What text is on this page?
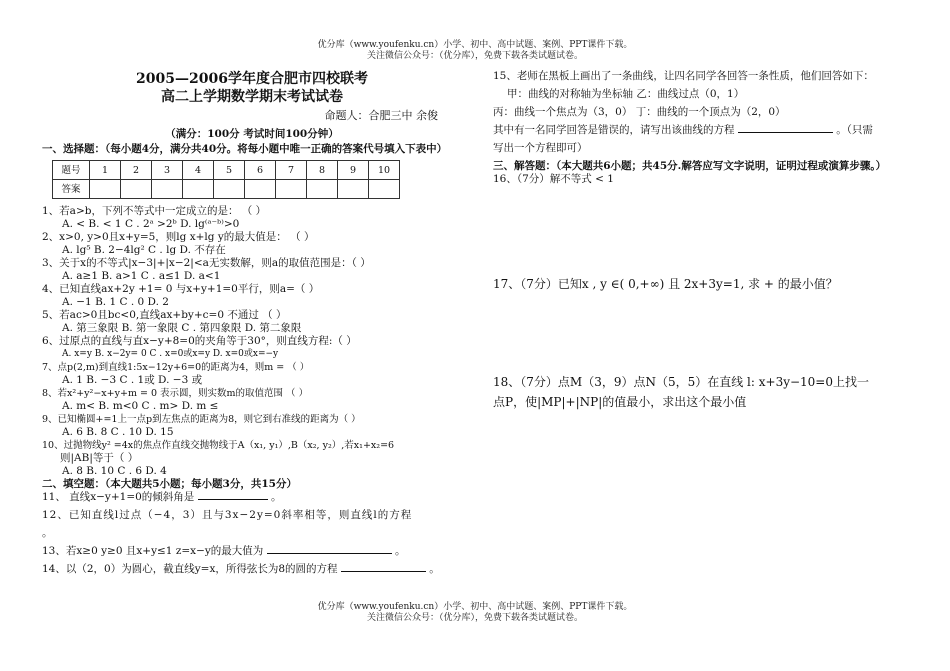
优分库（www.youfenku.cn）小学、初中、高中试题、案例、PPT课件下载。
关注微信公众号：（优分库），免费下载各类试题试卷。
2005—2006学年度合肥市四校联考
高二上学期数学期末考试试卷
命题人：合肥三中 余俊
（满分：100分 考试时间100分钟）
一、选择题：（每小题4分，满分共40分。将每小题中唯一正确的答案代号填入下表中）
题号	1	2	3	4	5	6	7	8	9	10
答案										
1、若a>b，下列不等式中一定成立的是： （ ）
A. < B. < 1 C . 2ᵃ >2ᵇ D. lg⁽ᵃ⁻ᵇ⁾>0
2、x>0, y>0且x+y=5，则lg x+lg y的最大值是： （ ）
A. lg⁵ B. 2−4lg² C . lg D. 不存在
3、关于x的不等式|x−3|+|x−2|<a无实数解，则a的取值范围是：（ ）
A. a≥1 B. a>1 C . a≤1 D. a<1
4、已知直线ax+2y +1= 0 与x+y+1=0平行，则a=（ ）
A. −1 B. 1 C . 0 D. 2
5、若ac>0且bc<0,直线ax+by+c=0 不通过 （ ）
A. 第三象限 B. 第一象限 C . 第四象限 D. 第二象限
6、过原点的直线与直x−y+8=0的夹角等于30°，则直线方程:（ ）
A. x=y B. x−2y= 0 C . x=0或x=y D. x=0或x=−y
7、点p(2,m)到直线1:5x−12y+6=0的距离为4，则m = （ ）
A. 1 B. −3 C . 1或 D. −3 或
8、若x²+y²−x+y+m = 0 表示圆，则实数m的取值范围 （ ）
A. m< B. m<0 C . m> D. m ≤
9、已知椭圆+=1上一点p到左焦点的距离为8，则它到右准线的距离为（ ）
A. 6 B. 8 C . 10 D. 15
10、过抛物线y² =4x的焦点作直线交抛物线于A（x₁, y₁）,B（x₂, y₂）,若x₁+x₂=6
则|AB|等于（ ）
A. 8 B. 10 C . 6 D. 4
二、填空题：（本大题共5小题；每小题3分，共15分）
11、 直线x−y+1=0的倾斜角是	。
12、已知直线l过点（−4，3）且与3x−2y=0斜率相等，则直线l的方程
。
13、若x≥0 y≥0 且x+y≤1 z=x−y的最大值为	。
14、以（2，0）为圆心，截直线y=x，所得弦长为8的圆的方程	。
15、老师在黑板上画出了一条曲线，让四名同学各回答一条性质，他们回答如下：
甲：曲线的对称轴为坐标轴 乙：曲线过点（0，1）
丙：曲线一个焦点为（3，0） 丁：曲线的一个顶点为（2，0）
其中有一名同学回答是错误的，请写出该曲线的方程	。（只需
写出一个方程即可）
三、解答题：（本大题共6小题；共45分.解答应写文字说明，证明过程或演算步骤。）
16、（7分）解不等式 < 1
17、（7分）已知x , y ∈( 0,+∞) 且 2x+3y=1, 求 + 的最小值？
18、（7分）点M（3，9）点N（5，5）在直线 l: x+3y−10=0上找一
点P，使|MP|+|NP|的值最小，求出这个最小值
优分库（www.youfenku.cn）小学、初中、高中试题、案例、PPT课件下载。
关注微信公众号：（优分库），免费下载各类试题试卷。
